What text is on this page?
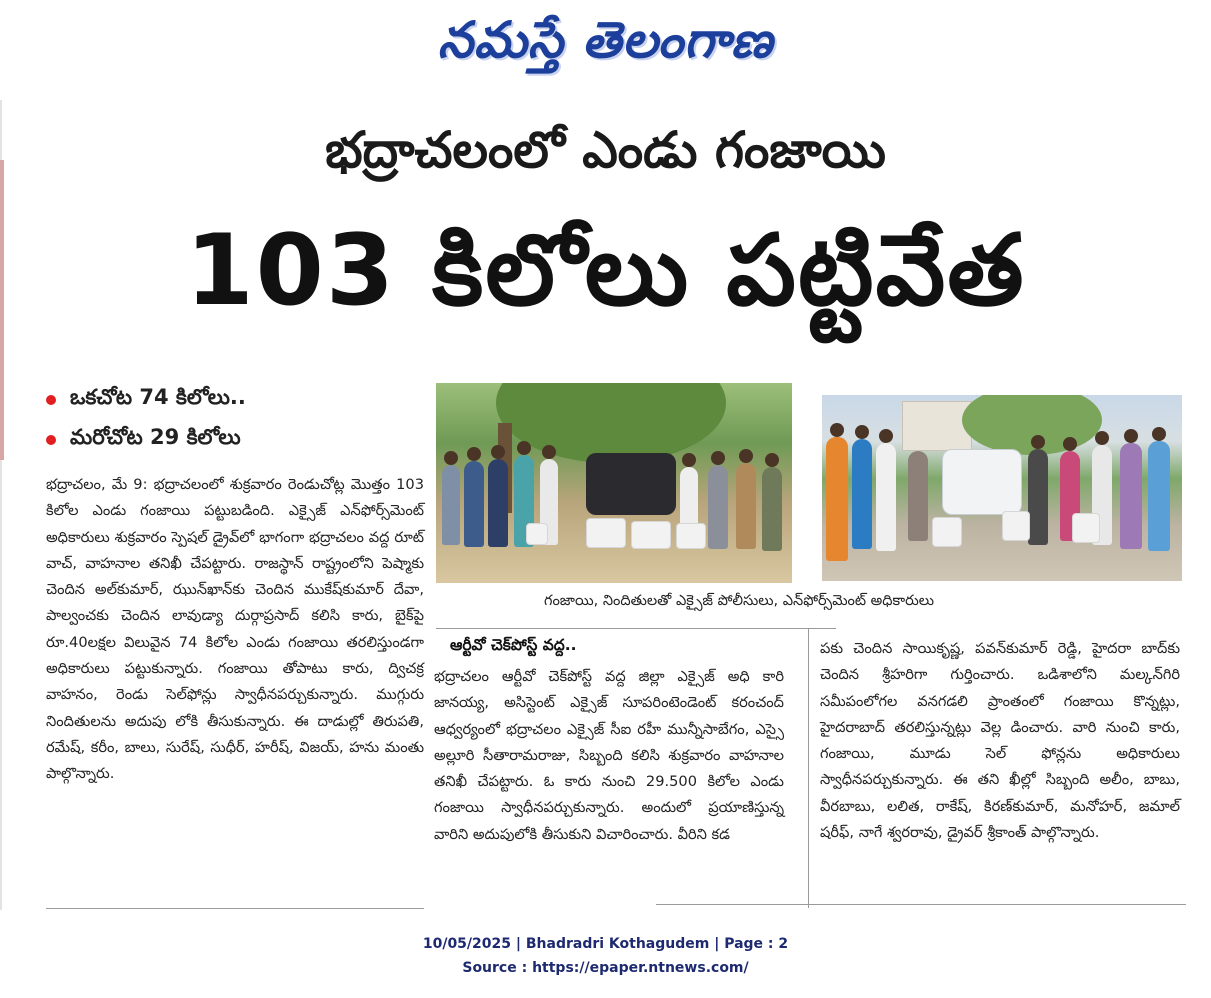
నమస్తే తెలంగాణ
భద్రాచలంలో ఎండు గంజాయి
103 కిలోలు పట్టివేత
ఒకచోట 74 కిలోలు..
మరోచోట 29 కిలోలు

భద్రాచలం, మే 9: భద్రాచలంలో శుక్రవారం రెండుచోట్ల మొత్తం 103 కిలోల ఎండు గంజాయి పట్టుబడింది. ఎక్సైజ్ ఎన్‌ఫోర్స్‌మెంట్ అధికారులు శుక్రవారం స్పెషల్ డ్రైవ్‌లో భాగంగా భద్రాచలం వద్ద రూట్ వాచ్, వాహనాల తనిఖీ చేపట్టారు. రాజస్థాన్ రాష్ట్రంలోని పెష్మాకు చెందిన అల్‌కుమార్, ఝున్‌ఖాన్‌కు చెందిన ముకేష్‌కుమార్ దేవా, పాల్వంచకు చెందిన లావుడ్యా దుర్గాప్రసాద్ కలిసి కారు, బైక్‌పై రూ.40లక్షల విలువైన 74 కిలోల ఎండు గంజాయి తరలిస్తుండగా అధికారులు పట్టుకున్నారు. గంజాయి తోపాటు కారు, ద్విచక్ర వాహనం, రెండు సెల్‌ఫోన్లు స్వాధీనపర్చుకున్నారు. ముగ్గురు నిందితులను అదుపు లోకి తీసుకున్నారు. ఈ దాడుల్లో తిరుపతి, రమేష్, కరీం, బాలు, సురేష్, సుధీర్, హరీష్, విజయ్, హను మంతు పాల్గొన్నారు.

గంజాయి, నిందితులతో ఎక్సైజ్ పోలీసులు, ఎన్‌ఫోర్స్‌మెంట్ అధికారులు
ఆర్టీవో చెక్‌పోస్ట్ వద్ద..

భద్రాచలం ఆర్టీవో చెక్‌పోస్ట్ వద్ద జిల్లా ఎక్సైజ్ అధి కారి జానయ్య, అసిస్టెంట్ ఎక్సైజ్ సూపరింటెండెంట్ కరంచంద్ ఆధ్వర్యంలో భద్రాచలం ఎక్సైజ్ సీఐ రహీ మున్నీసాబేగం, ఎస్సై అల్లూరి సీతారామరాజు, సిబ్బంది కలిసి శుక్రవారం వాహనాల తనిఖీ చేపట్టారు. ఓ కారు నుంచి 29.500 కిలోల ఎండు గంజాయి స్వాధీనపర్చుకున్నారు. అందులో ప్రయాణిస్తున్న వారిని అదుపులోకి తీసుకుని విచారించారు. వీరిని కడ

పకు చెందిన సాయికృష్ణ, పవన్‌కుమార్ రెడ్డి, హైదరా బాద్‌కు చెందిన శ్రీహరిగా గుర్తించారు. ఒడిశాలోని మల్కన్‌గిరి సమీపంలోగల వనగడలి ప్రాంతంలో గంజాయి కొన్నట్లు, హైదరాబాద్ తరలిస్తున్నట్లు వెల్ల డించారు. వారి నుంచి కారు, గంజాయి, మూడు సెల్ ఫోన్లను అధికారులు స్వాధీనపర్చుకున్నారు. ఈ తని ఖీల్లో సిబ్బంది అలీం, బాబు, వీరబాబు, లలిత, రాకేష్, కిరణ్‌కుమార్, మనోహర్, జమాల్ షరీఫ్, నాగే శ్వరరావు, డ్రైవర్ శ్రీకాంత్ పాల్గొన్నారు.

10/05/2025 | Bhadradri Kothagudem | Page : 2
Source : https://epaper.ntnews.com/
